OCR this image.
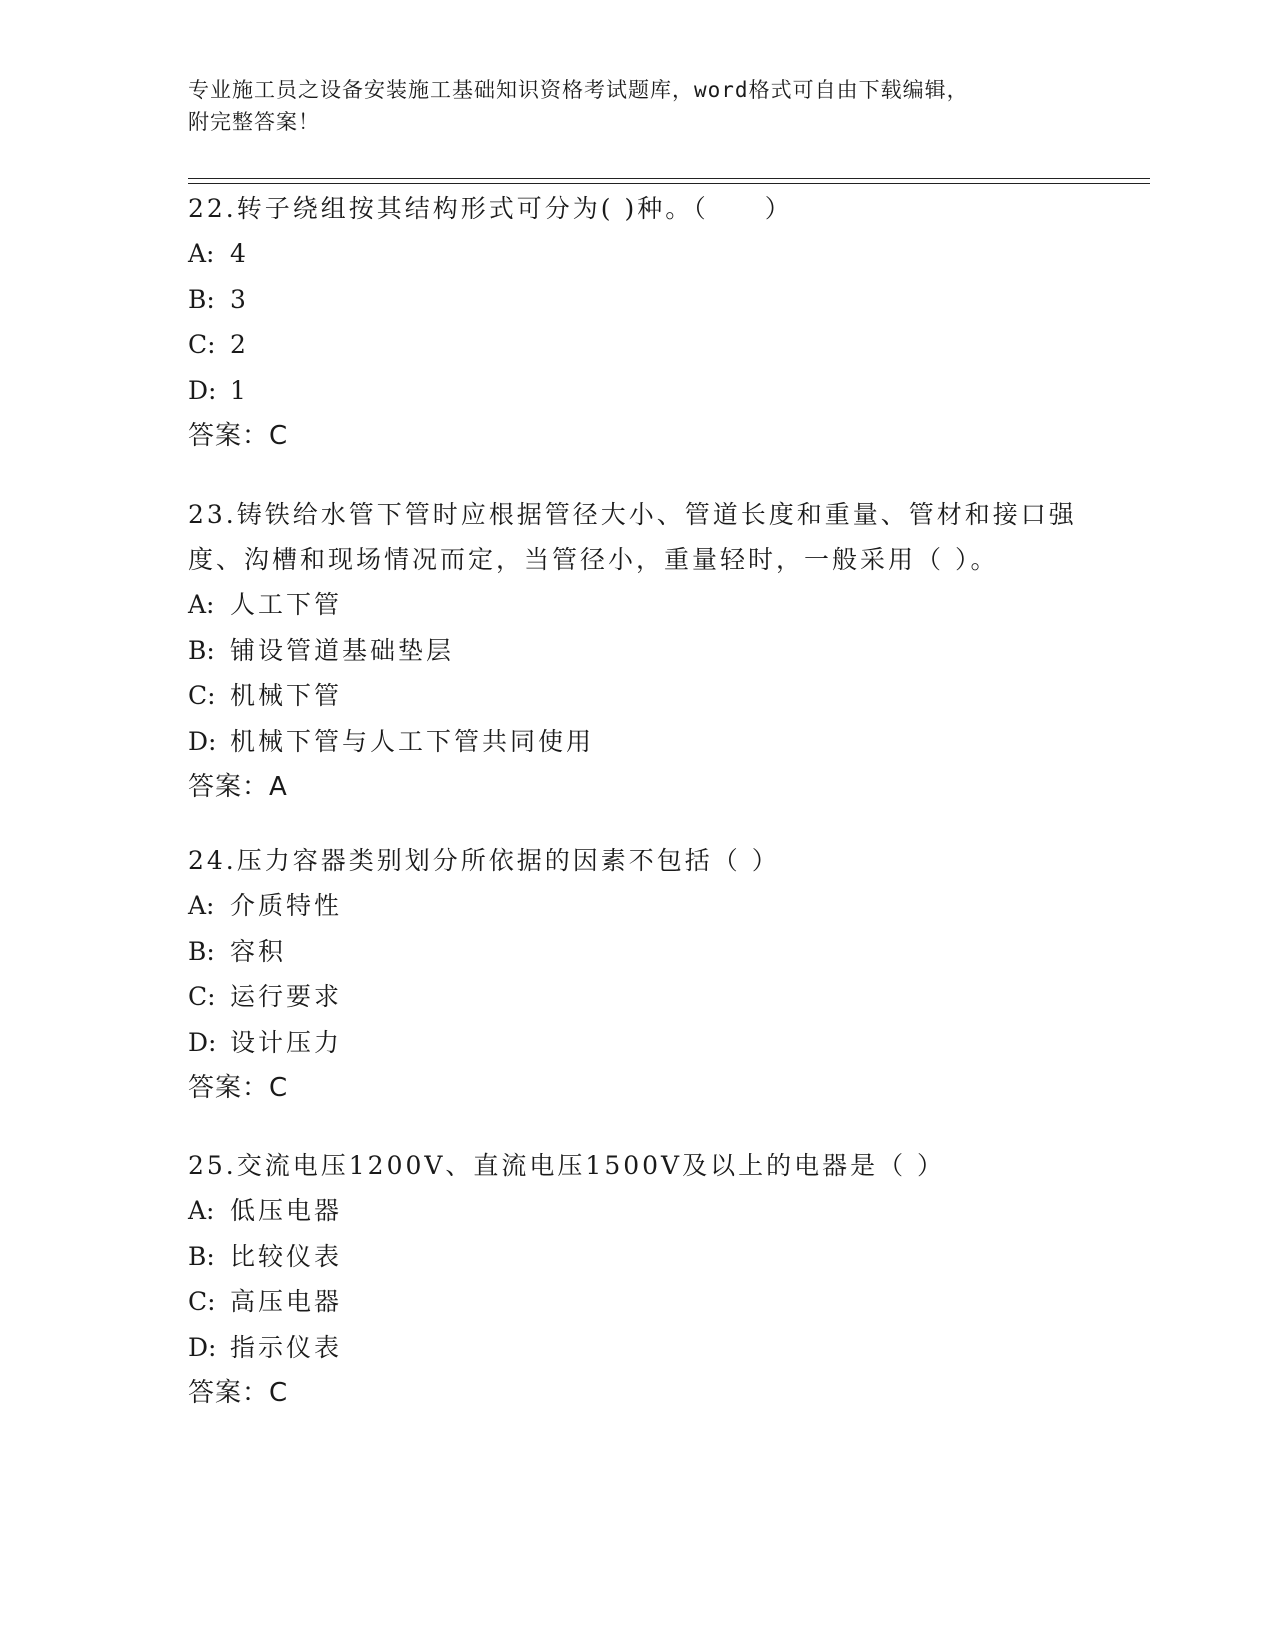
专业施工员之设备安装施工基础知识资格考试题库，word格式可自由下载编辑，
附完整答案！

22.转子绕组按其结构形式可分为( )种。（　　）

A: 4
B: 3
C: 2
D: 1
答案：C

23.铸铁给水管下管时应根据管径大小、管道长度和重量、管材和接口强度、沟槽和现场情况而定，当管径小，重量轻时，一般采用（ ）。

A: 人工下管
B: 铺设管道基础垫层
C: 机械下管
D: 机械下管与人工下管共同使用
答案：A

24.压力容器类别划分所依据的因素不包括（ ）

A: 介质特性
B: 容积
C: 运行要求
D: 设计压力
答案：C

25.交流电压1200V、直流电压1500V及以上的电器是（ ）

A: 低压电器
B: 比较仪表
C: 高压电器
D: 指示仪表
答案：C
